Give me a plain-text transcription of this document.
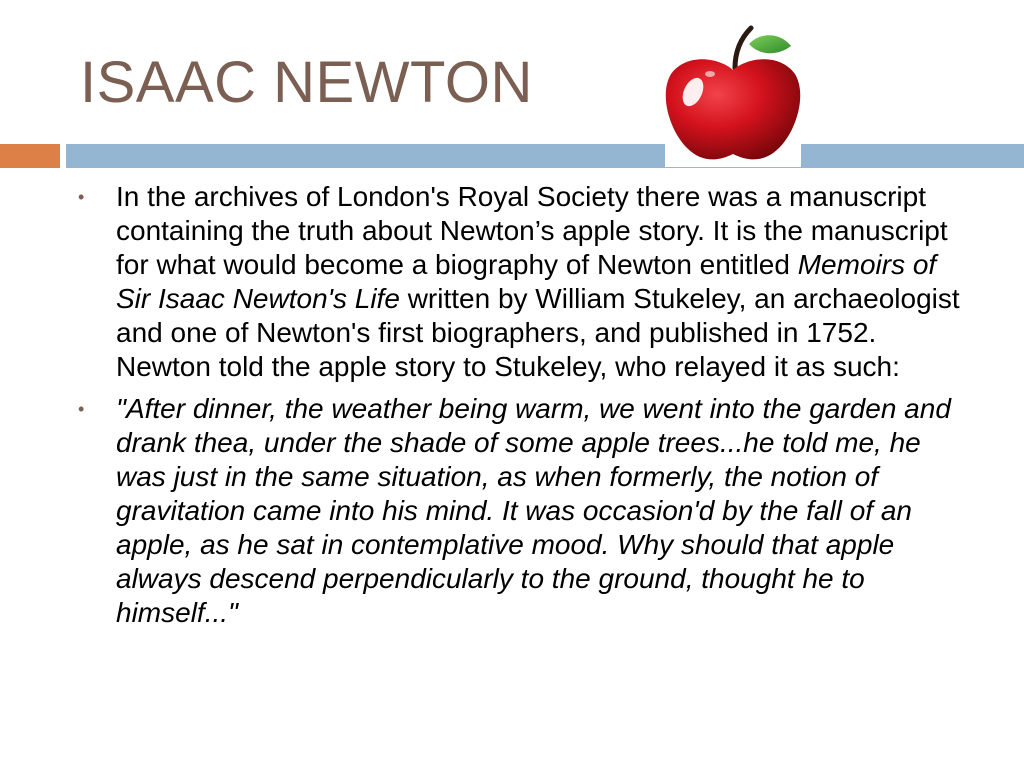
ISAAC NEWTON
• In the archives of London's Royal Society there was a manuscript containing the truth about Newton’s apple story. It is the manuscript for what would become a biography of Newton entitled Memoirs of Sir Isaac Newton's Life written by William Stukeley, an archaeologist and one of Newton's first biographers, and published in 1752. Newton told the apple story to Stukeley, who relayed it as such:
• "After dinner, the weather being warm, we went into the garden and drank thea, under the shade of some apple trees...he told me, he was just in the same situation, as when formerly, the notion of gravitation came into his mind. It was occasion'd by the fall of an apple, as he sat in contemplative mood. Why should that apple always descend perpendicularly to the ground, thought he to himself..."
